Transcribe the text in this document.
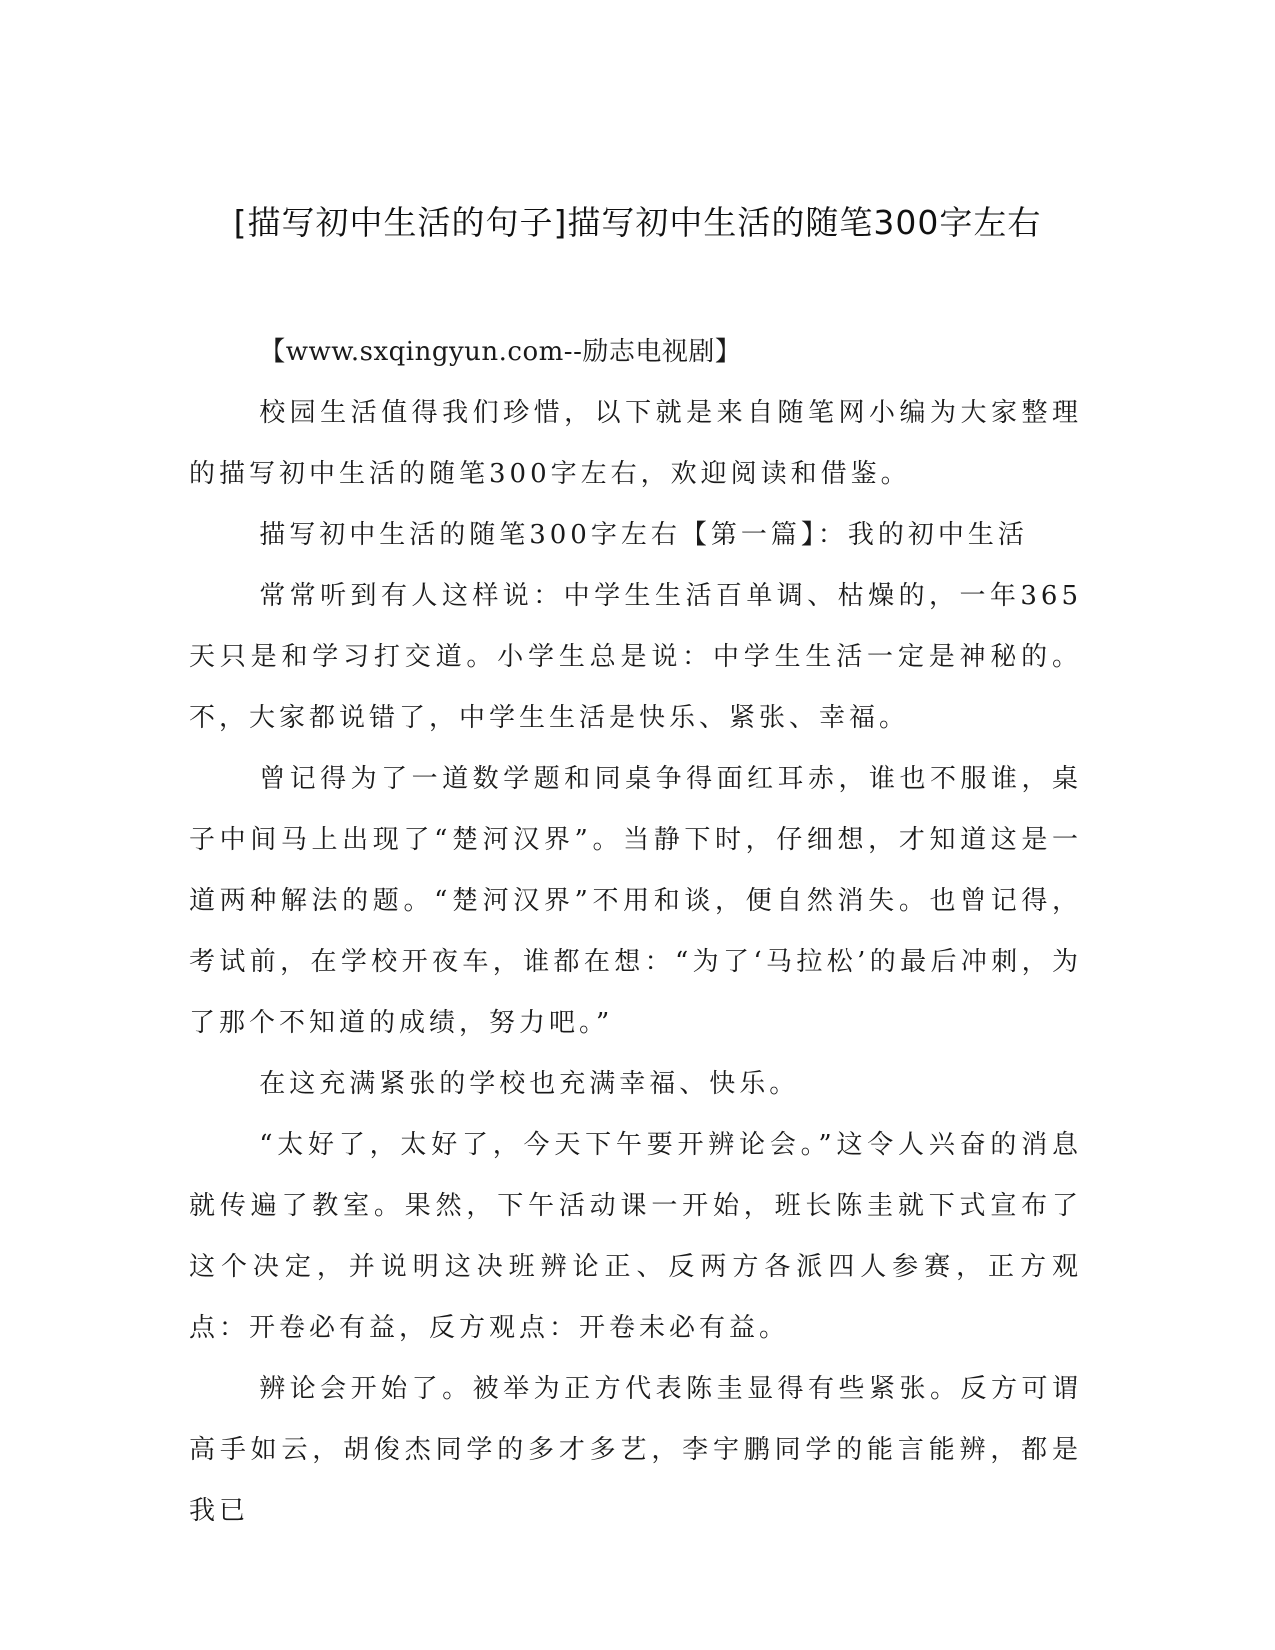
[描写初中生活的句子]描写初中生活的随笔300字左右

【www.sxqingyun.com--励志电视剧】

校园生活值得我们珍惜，以下就是来自随笔网小编为大家整理的描写初中生活的随笔300字左右，欢迎阅读和借鉴。

描写初中生活的随笔300字左右【第一篇】：我的初中生活

常常听到有人这样说：中学生生活百单调、枯燥的，一年365天只是和学习打交道。小学生总是说：中学生生活一定是神秘的。不，大家都说错了，中学生生活是快乐、紧张、幸福。

曾记得为了一道数学题和同桌争得面红耳赤，谁也不服谁，桌子中间马上出现了“楚河汉界”。当静下时，仔细想，才知道这是一道两种解法的题。“楚河汉界”不用和谈，便自然消失。也曾记得，考试前，在学校开夜车，谁都在想：“为了‘马拉松’的最后冲刺，为了那个不知道的成绩，努力吧。”

在这充满紧张的学校也充满幸福、快乐。

“太好了，太好了，今天下午要开辨论会。”这令人兴奋的消息就传遍了教室。果然，下午活动课一开始，班长陈圭就下式宣布了这个决定，并说明这决班辨论正、反两方各派四人参赛，正方观点：开卷必有益，反方观点：开卷未必有益。

辨论会开始了。被举为正方代表陈圭显得有些紧张。反方可谓高手如云，胡俊杰同学的多才多艺，李宇鹏同学的能言能辨，都是我已
